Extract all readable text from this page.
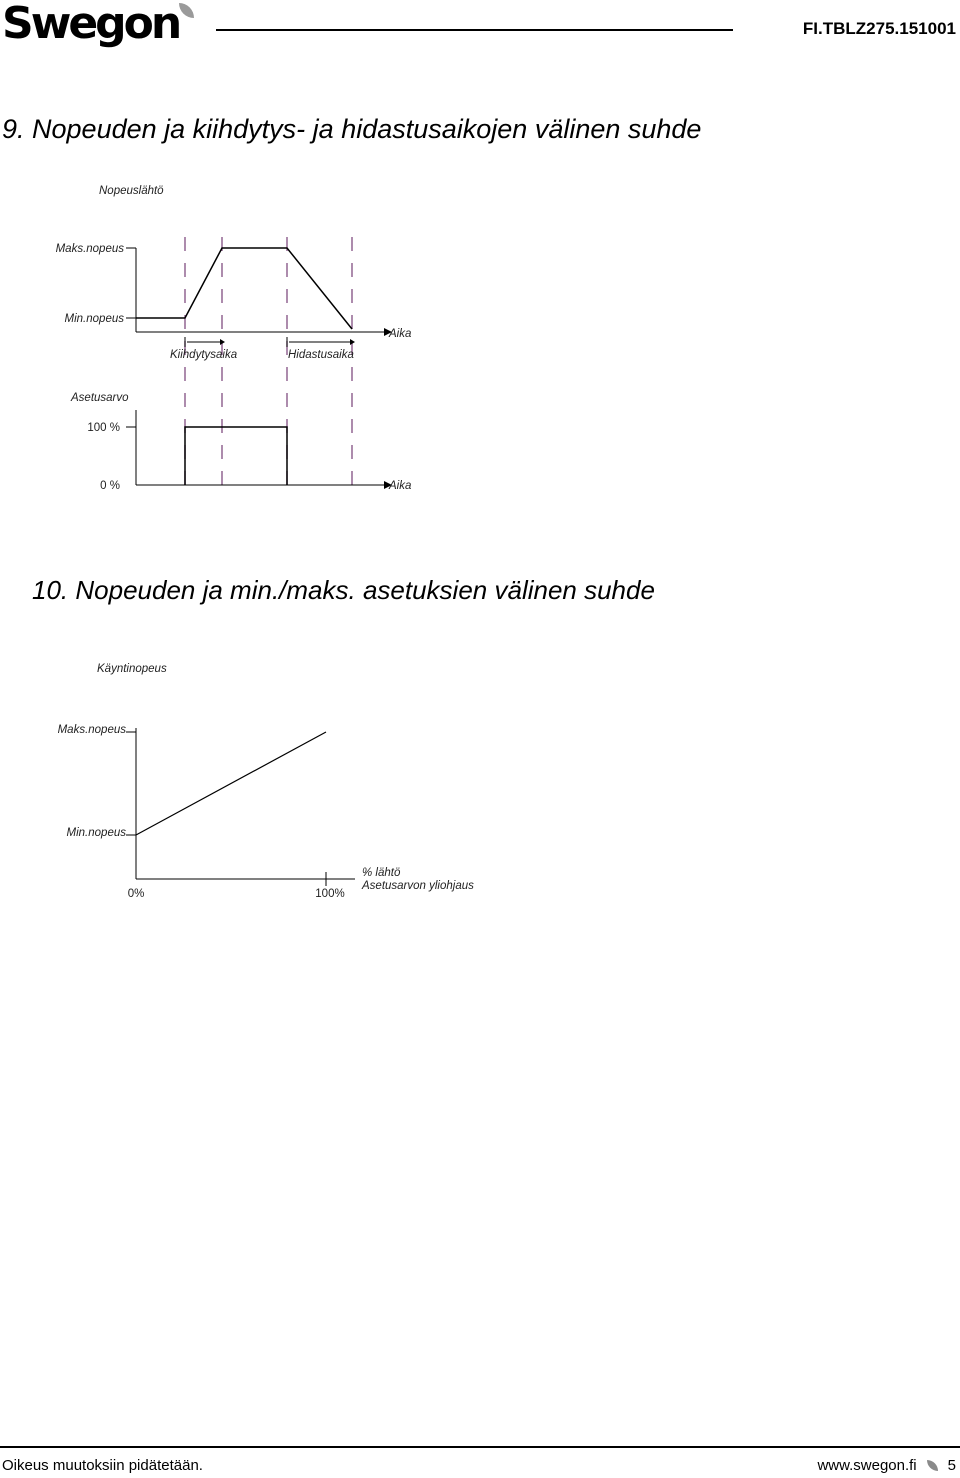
Swegon	FI.TBLZ275.151001
9. Nopeuden ja kiihdytys- ja hidastusaikojen välinen suhde
Nopeuslähtö
Maks.nopeus
Min.nopeus
Aika
Kiihdytysaika	Hidastusaika
Asetusarvo
100 %
0 %	Aika
10. Nopeuden ja min./maks. asetuksien välinen suhde
Käyntinopeus
Maks.nopeus
Min.nopeus
0%	100%
% lähtö
Asetusarvon yliohjaus
Oikeus muutoksiin pidätetään.	www.swegon.fi 5
